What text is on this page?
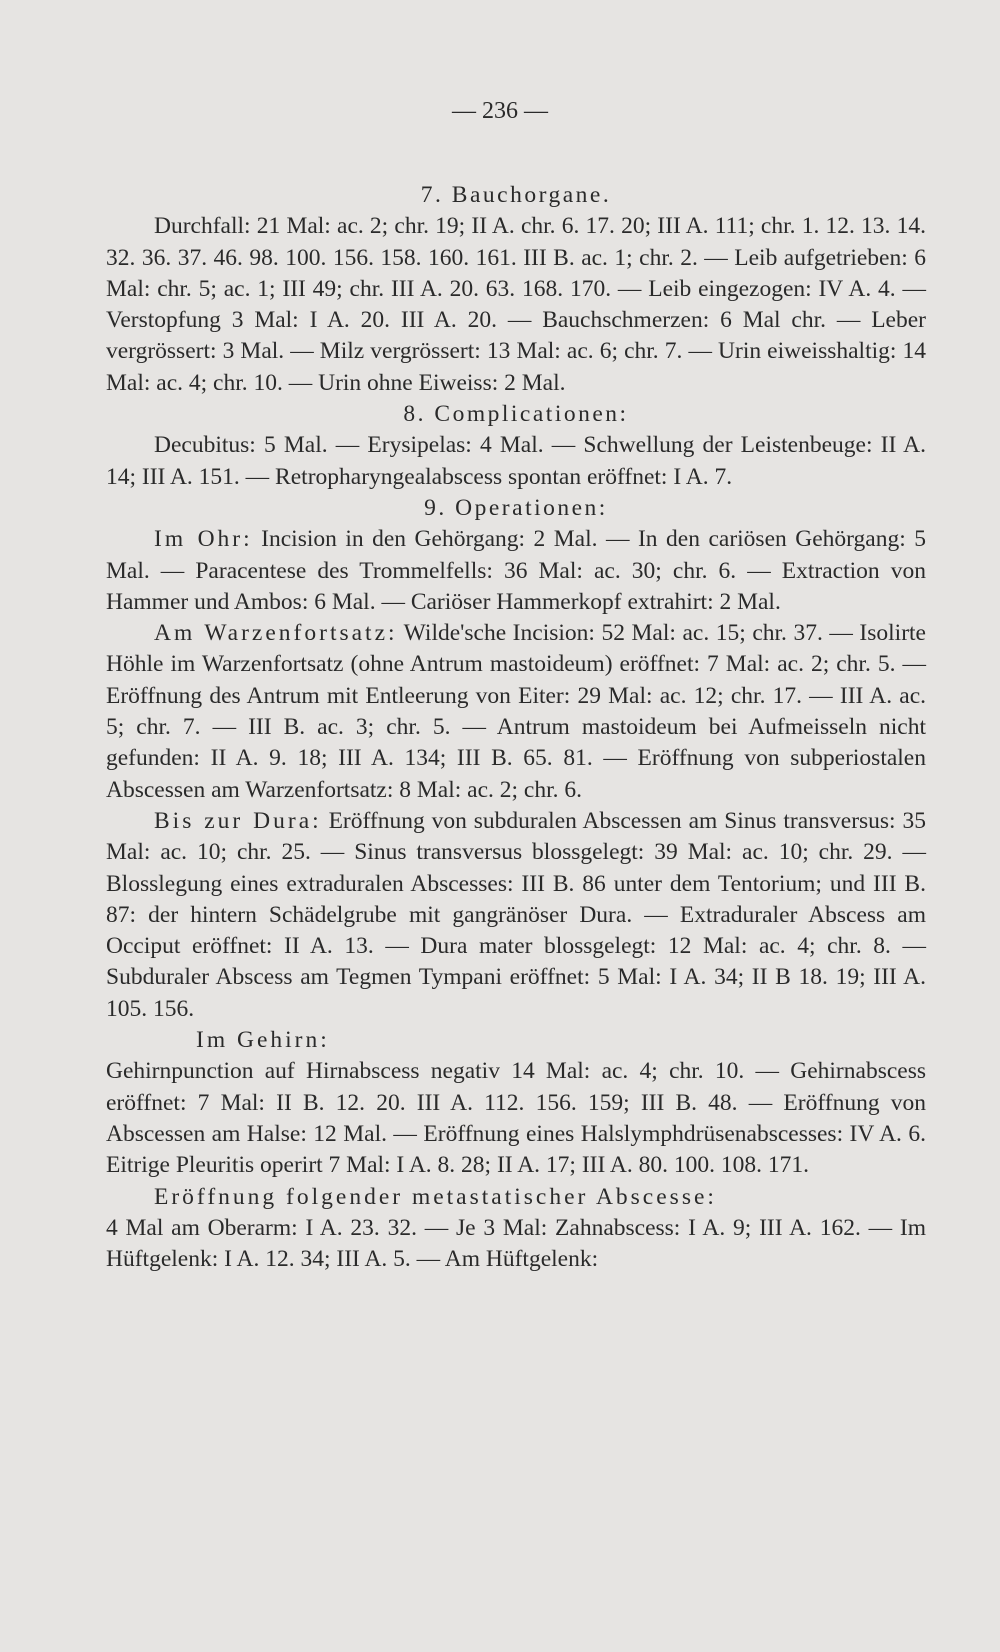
— 236 —
7. Bauchorgane.
Durchfall: 21 Mal: ac. 2; chr. 19; II A. chr. 6. 17. 20; III A. 111; chr. 1. 12. 13. 14. 32. 36. 37. 46. 98. 100. 156. 158. 160. 161. III B. ac. 1; chr. 2. — Leib aufgetrieben: 6 Mal: chr. 5; ac. 1; III 49; chr. III A. 20. 63. 168. 170. — Leib eingezogen: IV A. 4. — Verstopfung 3 Mal: I A. 20. III A. 20. — Bauchschmerzen: 6 Mal chr. — Leber vergrössert: 3 Mal. — Milz vergrössert: 13 Mal: ac. 6; chr. 7. — Urin eiweisshaltig: 14 Mal: ac. 4; chr. 10. — Urin ohne Eiweiss: 2 Mal.
8. Complicationen:
Decubitus: 5 Mal. — Erysipelas: 4 Mal. — Schwellung der Leistenbeuge: II A. 14; III A. 151. — Retropharyngealabscess spontan eröffnet: I A. 7.
9. Operationen:
Im Ohr: Incision in den Gehörgang: 2 Mal. — In den cariösen Gehörgang: 5 Mal. — Paracentese des Trommelfells: 36 Mal: ac. 30; chr. 6. — Extraction von Hammer und Ambos: 6 Mal. — Cariöser Hammerkopf extrahirt: 2 Mal.
Am Warzenfortsatz: Wilde'sche Incision: 52 Mal: ac. 15; chr. 37. — Isolirte Höhle im Warzenfortsatz (ohne Antrum mastoideum) eröffnet: 7 Mal: ac. 2; chr. 5. — Eröffnung des Antrum mit Entleerung von Eiter: 29 Mal: ac. 12; chr. 17. — III A. ac. 5; chr. 7. — III B. ac. 3; chr. 5. — Antrum mastoideum bei Aufmeisseln nicht gefunden: II A. 9. 18; III A. 134; III B. 65. 81. — Eröffnung von subperiostalen Abscessen am Warzenfortsatz: 8 Mal: ac. 2; chr. 6.
Bis zur Dura: Eröffnung von subduralen Abscessen am Sinus transversus: 35 Mal: ac. 10; chr. 25. — Sinus transversus blossgelegt: 39 Mal: ac. 10; chr. 29. — Blosslegung eines extraduralen Abscesses: III B. 86 unter dem Tentorium; und III B. 87: der hintern Schädelgrube mit gangränöser Dura. — Extraduraler Abscess am Occiput eröffnet: II A. 13. — Dura mater blossgelegt: 12 Mal: ac. 4; chr. 8. — Subduraler Abscess am Tegmen Tympani eröffnet: 5 Mal: I A. 34; II B 18. 19; III A. 105. 156.
Im Gehirn:
Gehirnpunction auf Hirnabscess negativ 14 Mal: ac. 4; chr. 10. — Gehirnabscess eröffnet: 7 Mal: II B. 12. 20. III A. 112. 156. 159; III B. 48. — Eröffnung von Abscessen am Halse: 12 Mal. — Eröffnung eines Halslymphdrüsenabscesses: IV A. 6. Eitrige Pleuritis operirt 7 Mal: I A. 8. 28; II A. 17; III A. 80. 100. 108. 171.
Eröffnung folgender metastatischer Abscesse:
4 Mal am Oberarm: I A. 23. 32. — Je 3 Mal: Zahnabscess: I A. 9; III A. 162. — Im Hüftgelenk: I A. 12. 34; III A. 5. — Am Hüftgelenk:
